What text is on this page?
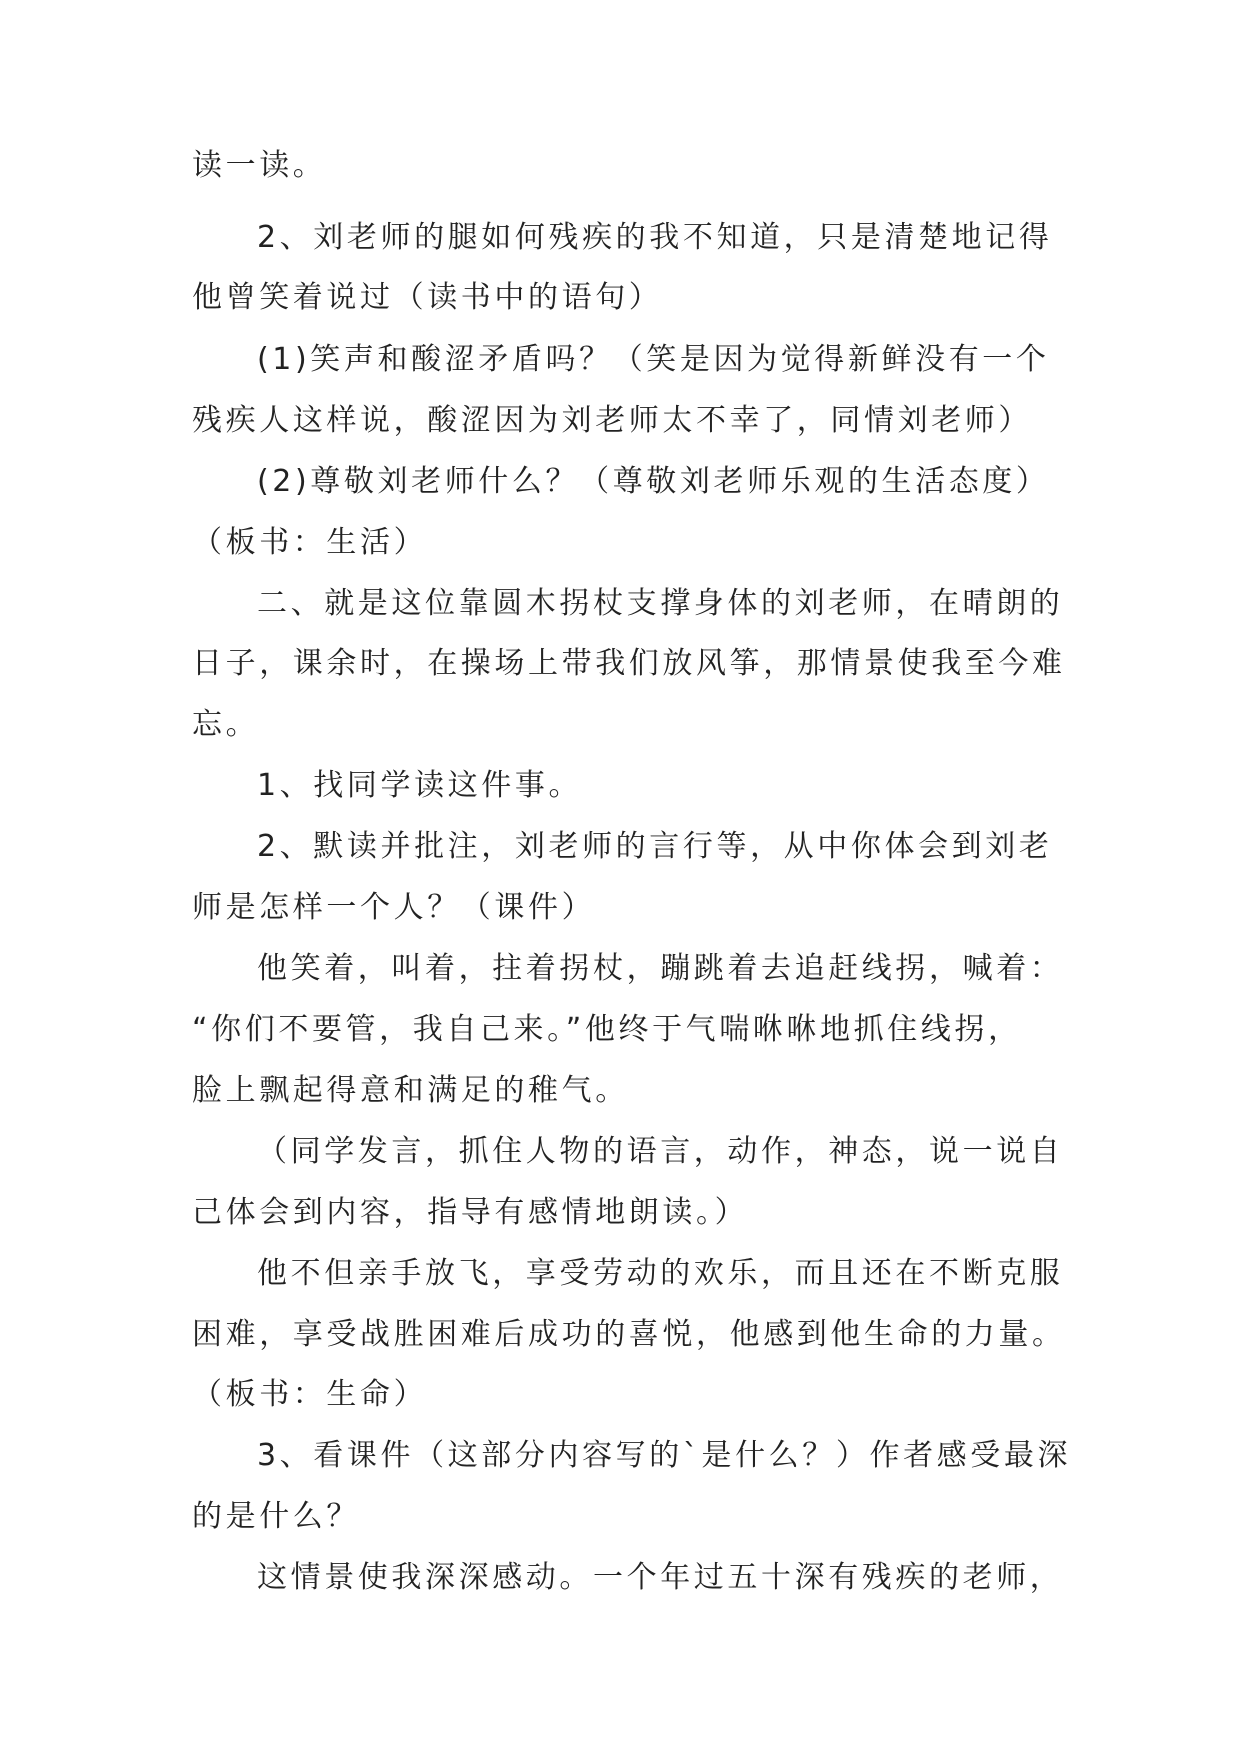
读一读。
2、刘老师的腿如何残疾的我不知道，只是清楚地记得
他曾笑着说过（读书中的语句）
(1)笑声和酸涩矛盾吗？（笑是因为觉得新鲜没有一个
残疾人这样说，酸涩因为刘老师太不幸了，同情刘老师）
(2)尊敬刘老师什么？（尊敬刘老师乐观的生活态度）
（板书：生活）
二、就是这位靠圆木拐杖支撑身体的刘老师，在晴朗的
日子，课余时，在操场上带我们放风筝，那情景使我至今难
忘。
1、找同学读这件事。
2、默读并批注，刘老师的言行等，从中你体会到刘老
师是怎样一个人？（课件）
他笑着，叫着，拄着拐杖，蹦跳着去追赶线拐，喊着：
“你们不要管，我自己来。”他终于气喘咻咻地抓住线拐，
脸上飘起得意和满足的稚气。
（同学发言，抓住人物的语言，动作，神态，说一说自
己体会到内容，指导有感情地朗读。）
他不但亲手放飞，享受劳动的欢乐，而且还在不断克服
困难，享受战胜困难后成功的喜悦，他感到他生命的力量。
（板书：生命）
3、看课件（这部分内容写的`是什么？）作者感受最深
的是什么？
这情景使我深深感动。一个年过五十深有残疾的老师，
